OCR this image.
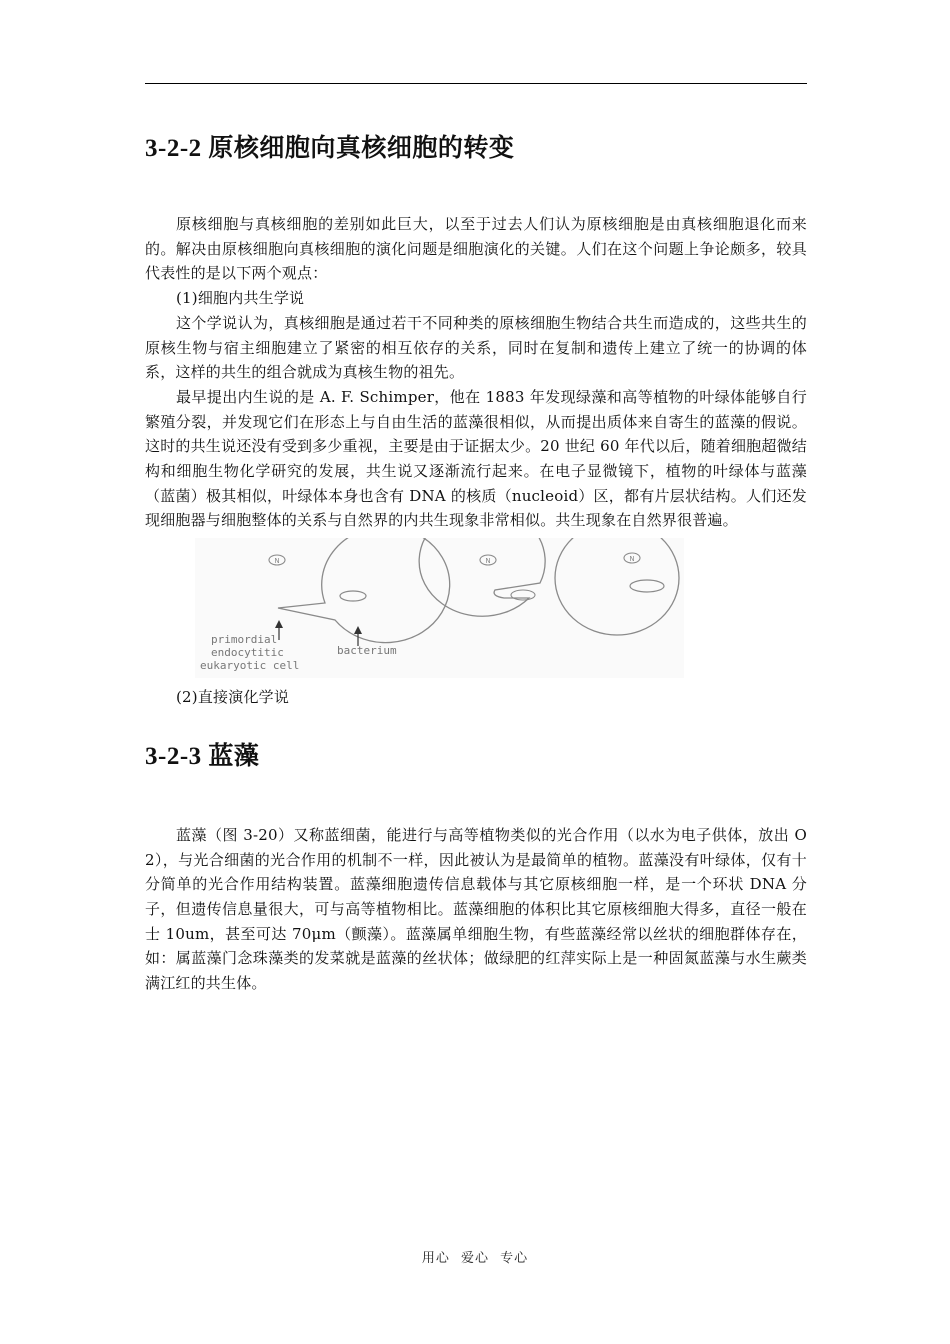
3-2-2 原核细胞向真核细胞的转变

原核细胞与真核细胞的差别如此巨大，以至于过去人们认为原核细胞是由真核细胞退化而来的。解决由原核细胞向真核细胞的演化问题是细胞演化的关键。人们在这个问题上争论颇多，较具代表性的是以下两个观点：

(1)细胞内共生学说

这个学说认为，真核细胞是通过若干不同种类的原核细胞生物结合共生而造成的，这些共生的原核生物与宿主细胞建立了紧密的相互依存的关系，同时在复制和遗传上建立了统一的协调的体系，这样的共生的组合就成为真核生物的祖先。

最早提出内生说的是 A. F. Schimper，他在 1883 年发现绿藻和高等植物的叶绿体能够自行繁殖分裂，并发现它们在形态上与自由生活的蓝藻很相似，从而提出质体来自寄生的蓝藻的假说。这时的共生说还没有受到多少重视，主要是由于证据太少。20 世纪 60 年代以后，随着细胞超微结构和细胞生物化学研究的发展，共生说又逐渐流行起来。在电子显微镜下，植物的叶绿体与蓝藻（蓝菌）极其相似，叶绿体本身也含有 DNA 的核质（nucleoid）区，都有片层状结构。人们还发现细胞器与细胞整体的关系与自然界的内共生现象非常相似。共生现象在自然界很普遍。

N	N	N
primordial
endocytitic
eukaryotic cell
bacterium

(2)直接演化学说

3-2-3 蓝藻

蓝藻（图 3-20）又称蓝细菌，能进行与高等植物类似的光合作用（以水为电子供体，放出 O 2），与光合细菌的光合作用的机制不一样，因此被认为是最简单的植物。蓝藻没有叶绿体，仅有十分简单的光合作用结构装置。蓝藻细胞遗传信息载体与其它原核细胞一样，是一个环状 DNA 分子，但遗传信息量很大，可与高等植物相比。蓝藻细胞的体积比其它原核细胞大得多，直径一般在士 10um，甚至可达 70μm（颤藻）。蓝藻属单细胞生物，有些蓝藻经常以丝状的细胞群体存在，如：属蓝藻门念珠藻类的发菜就是蓝藻的丝状体；做绿肥的红萍实际上是一种固氮蓝藻与水生蕨类满江红的共生体。

用心 爱心 专心
